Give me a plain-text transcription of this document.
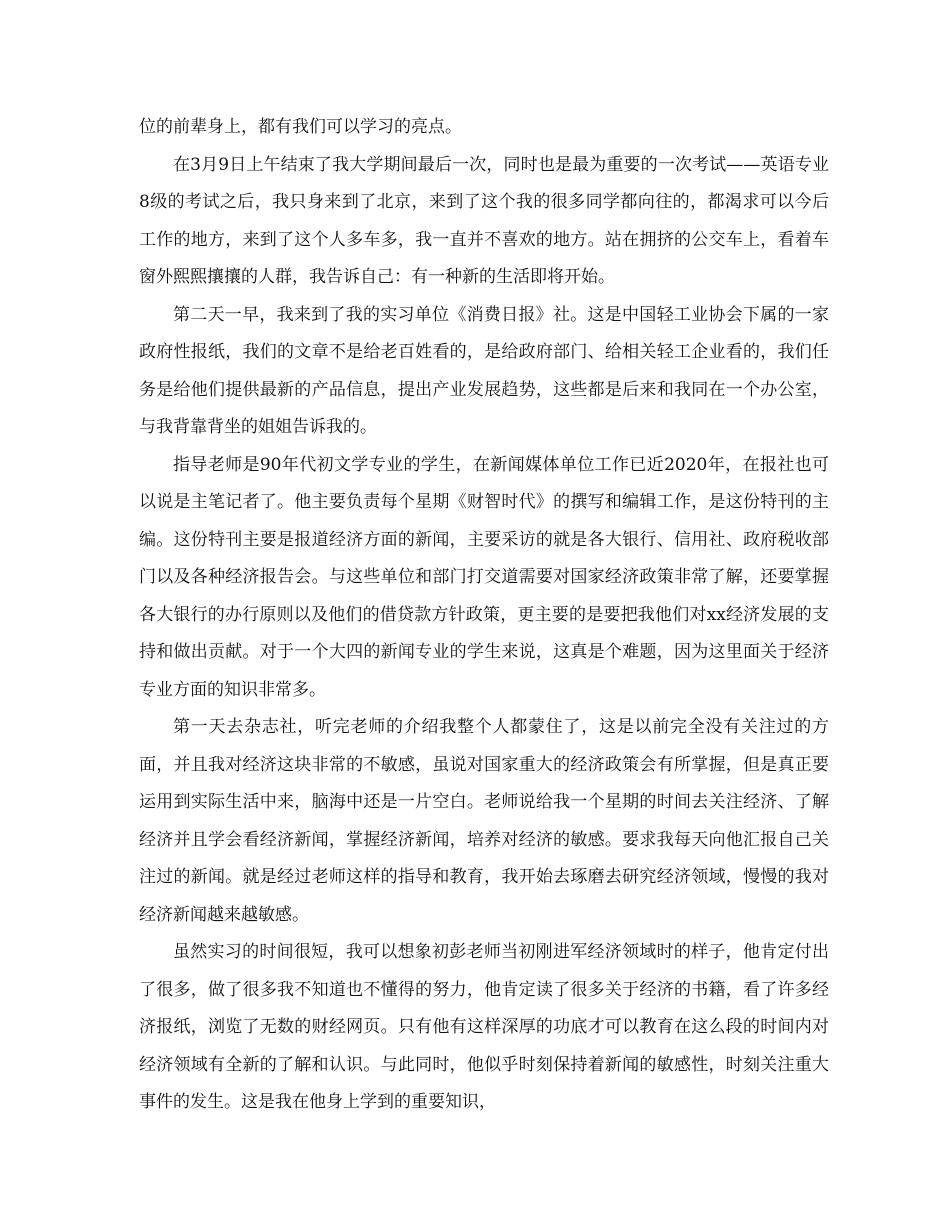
位的前辈身上，都有我们可以学习的亮点。

在3月9日上午结束了我大学期间最后一次，同时也是最为重要的一次考试——英语专业8级的考试之后，我只身来到了北京，来到了这个我的很多同学都向往的，都渴求可以今后工作的地方，来到了这个人多车多，我一直并不喜欢的地方。站在拥挤的公交车上，看着车窗外熙熙攘攘的人群，我告诉自己：有一种新的生活即将开始。

第二天一早，我来到了我的实习单位《消费日报》社。这是中国轻工业协会下属的一家政府性报纸，我们的文章不是给老百姓看的，是给政府部门、给相关轻工企业看的，我们任务是给他们提供最新的产品信息，提出产业发展趋势，这些都是后来和我同在一个办公室，与我背靠背坐的姐姐告诉我的。

指导老师是90年代初文学专业的学生，在新闻媒体单位工作已近2020年，在报社也可以说是主笔记者了。他主要负责每个星期《财智时代》的撰写和编辑工作，是这份特刊的主编。这份特刊主要是报道经济方面的新闻，主要采访的就是各大银行、信用社、政府税收部门以及各种经济报告会。与这些单位和部门打交道需要对国家经济政策非常了解，还要掌握各大银行的办行原则以及他们的借贷款方针政策，更主要的是要把我他们对xx经济发展的支持和做出贡献。对于一个大四的新闻专业的学生来说，这真是个难题，因为这里面关于经济专业方面的知识非常多。

第一天去杂志社，听完老师的介绍我整个人都蒙住了，这是以前完全没有关注过的方面，并且我对经济这块非常的不敏感，虽说对国家重大的经济政策会有所掌握，但是真正要运用到实际生活中来，脑海中还是一片空白。老师说给我一个星期的时间去关注经济、了解经济并且学会看经济新闻，掌握经济新闻，培养对经济的敏感。要求我每天向他汇报自己关注过的新闻。就是经过老师这样的指导和教育，我开始去琢磨去研究经济领域，慢慢的我对经济新闻越来越敏感。

虽然实习的时间很短，我可以想象初彭老师当初刚进军经济领域时的样子，他肯定付出了很多，做了很多我不知道也不懂得的努力，他肯定读了很多关于经济的书籍，看了许多经济报纸，浏览了无数的财经网页。只有他有这样深厚的功底才可以教育在这么段的时间内对经济领域有全新的了解和认识。与此同时，他似乎时刻保持着新闻的敏感性，时刻关注重大事件的发生。这是我在他身上学到的重要知识，
